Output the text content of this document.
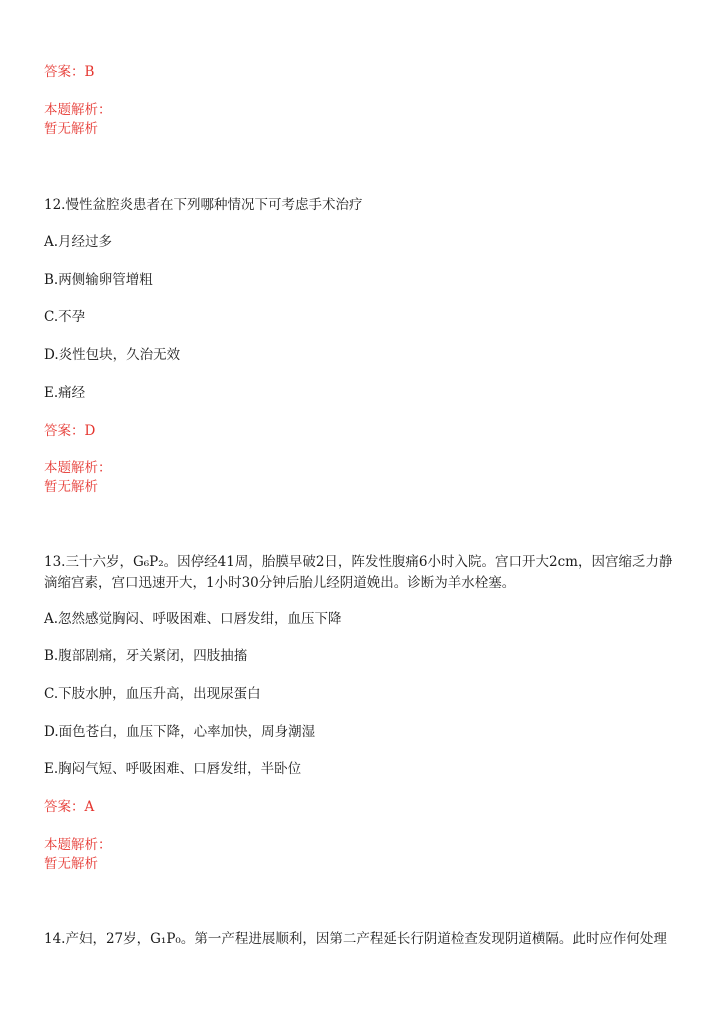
答案：B
本题解析：
暂无解析
12.慢性盆腔炎患者在下列哪种情况下可考虑手术治疗
A.月经过多
B.两侧输卵管增粗
C.不孕
D.炎性包块，久治无效
E.痛经
答案：D
本题解析：
暂无解析
13.三十六岁，G₆P₂。因停经41周，胎膜早破2日，阵发性腹痛6小时入院。宫口开大2cm，因宫缩乏力静滴缩宫素，宫口迅速开大，1小时30分钟后胎儿经阴道娩出。诊断为羊水栓塞。
A.忽然感觉胸闷、呼吸困难、口唇发绀，血压下降
B.腹部剧痛，牙关紧闭，四肢抽搐
C.下肢水肿，血压升高，出现尿蛋白
D.面色苍白，血压下降，心率加快，周身潮湿
E.胸闷气短、呼吸困难、口唇发绀，半卧位
答案：A
本题解析：
暂无解析
14.产妇，27岁，G₁P₀。第一产程进展顺利，因第二产程延长行阴道检查发现阴道横隔。此时应作何处理
